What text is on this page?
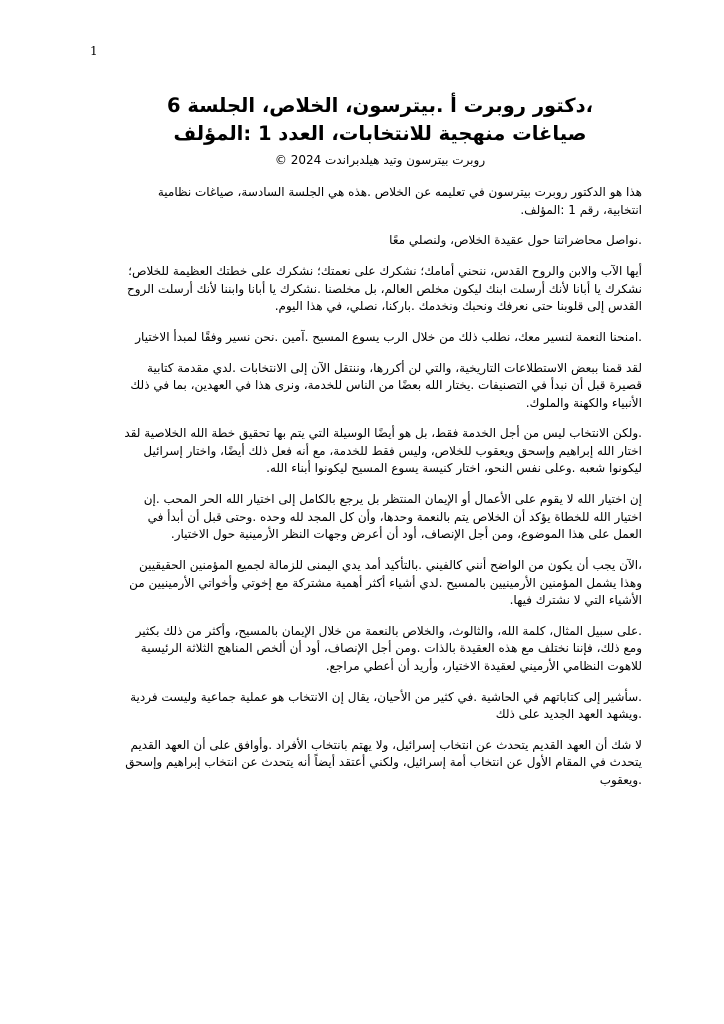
1
،دكتور روبرت أ .بيترسون، الخلاص، الجلسة 6
صياغات منهجية للانتخابات، العدد 1 :المؤلف
روبرت بيترسون وتيد هيلدبراندت 2024 ©

هذا هو الدكتور روبرت بيترسون في تعليمه عن الخلاص .هذه هي الجلسة السادسة، صياغات نظامية انتخابية، رقم 1 :المؤلف.

.نواصل محاضراتنا حول عقيدة الخلاص، ولنصلي معًا

أيها الآب والابن والروح القدس، ننحني أمامك؛ نشكرك على نعمتك؛ نشكرك على خطتك العظيمة للخلاص؛ نشكرك يا أبانا لأنك أرسلت ابنك ليكون مخلص العالم، بل مخلصنا .نشكرك يا أبانا وابننا لأنك أرسلت الروح القدس إلى قلوبنا حتى نعرفك ونحبك ونخدمك .باركنا، نصلي، في هذا اليوم.

.امنحنا النعمة لنسير معك، نطلب ذلك من خلال الرب يسوع المسيح .آمين .نحن نسير وفقًا لمبدأ الاختيار

لقد قمنا ببعض الاستطلاعات التاريخية، والتي لن أكررها، وننتقل الآن إلى الانتخابات .لدي مقدمة كتابية قصيرة قبل أن نبدأ في التصنيفات .يختار الله بعضًا من الناس للخدمة، ونرى هذا في العهدين، بما في ذلك الأنبياء والكهنة والملوك.

.ولكن الانتخاب ليس من أجل الخدمة فقط، بل هو أيضًا الوسيلة التي يتم بها تحقيق خطة الله الخلاصية لقد اختار الله إبراهيم وإسحق ويعقوب للخلاص، وليس فقط للخدمة، مع أنه فعل ذلك أيضًا، واختار إسرائيل ليكونوا شعبه .وعلى نفس النحو، اختار كنيسة يسوع المسيح ليكونوا أبناء الله.

إن اختيار الله لا يقوم على الأعمال أو الإيمان المنتظر بل يرجع بالكامل إلى اختيار الله الحر المحب .إن اختيار الله للخطاة يؤكد أن الخلاص يتم بالنعمة وحدها، وأن كل المجد لله وحده .وحتى قبل أن أبدأ في العمل على هذا الموضوع، ومن أجل الإنصاف، أود أن أعرض وجهات النظر الأرمينية حول الاختيار.

،الآن يجب أن يكون من الواضح أنني كالفيني .بالتأكيد أمد يدي اليمنى للزمالة لجميع المؤمنين الحقيقيين وهذا يشمل المؤمنين الأرمينيين بالمسيح .لدي أشياء أكثر أهمية مشتركة مع إخوتي وأخواتي الأرمينيين من الأشياء التي لا نشترك فيها.

.على سبيل المثال، كلمة الله، والثالوث، والخلاص بالنعمة من خلال الإيمان بالمسيح، وأكثر من ذلك بكثير ومع ذلك، فإننا نختلف مع هذه العقيدة بالذات .ومن أجل الإنصاف، أود أن ألخص المناهج الثلاثة الرئيسية للاهوت النظامي الأرميني لعقيدة الاختيار، وأريد أن أعطي مراجع.

.سأشير إلى كتاباتهم في الحاشية .في كثير من الأحيان، يقال إن الانتخاب هو عملية جماعية وليست فردية .ويشهد العهد الجديد على ذلك

لا شك أن العهد القديم يتحدث عن انتخاب إسرائيل، ولا يهتم بانتخاب الأفراد .وأوافق على أن العهد القديم يتحدث في المقام الأول عن انتخاب أمة إسرائيل، ولكني أعتقد أيضاً أنه يتحدث عن انتخاب إبراهيم وإسحق .ويعقوب
